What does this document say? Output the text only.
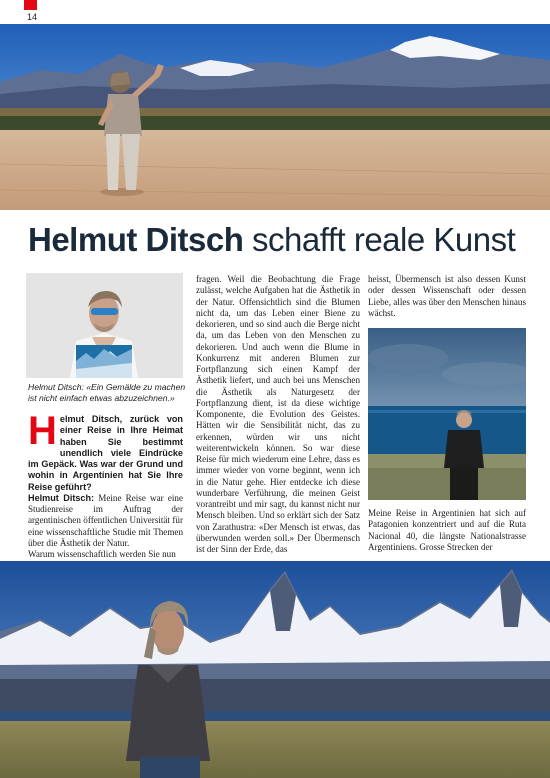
14
Helmut Ditsch schafft reale Kunst
Helmut Ditsch: «Ein Gemälde zu machen ist nicht einfach etwas abzuzeichnen.»
Helmut Ditsch, zurück von einer Reise in Ihre Heimat haben Sie bestimmt unendlich viele Eindrücke im Gepäck. Was war der Grund und wohin in Argentinien hat Sie Ihre Reise geführt?

Helmut Ditsch: Meine Reise war eine Studienreise im Auftrag der argentinischen öffentlichen Universität für eine wissenschaftliche Studie mit Themen über die Ästhetik der Natur.

Warum wissenschaftlich werden Sie nun

fragen. Weil die Beobachtung die Frage zulässt, welche Aufgaben hat die Ästhetik in der Natur. Offensichtlich sind die Blumen nicht da, um das Leben einer Biene zu dekorieren, und so sind auch die Berge nicht da, um das Leben von den Menschen zu dekorieren. Und auch wenn die Blume in Konkurrenz mit anderen Blumen zur Fortpflanzung sich einen Kampf der Ästhetik liefert, und auch bei uns Menschen die Ästhetik als Naturgesetz der Fortpflanzung dient, ist da diese wichtige Komponente, die Evolution des Geistes. Hätten wir die Sensibilität nicht, das zu erkennen, würden wir uns nicht weiterentwickeln können. So war diese Reise für mich wiederum eine Lehre, dass es immer wieder von vorne beginnt, wenn ich in die Natur gehe. Hier entdecke ich diese wunderbare Verführung, die meinen Geist vorantreibt und mir sagt, du kannst nicht nur Mensch bleiben. Und so erklärt sich der Satz von Zarathustra: «Der Mensch ist etwas, das überwunden werden soll.» Der Übermensch ist der Sinn der Erde, das

heisst, Übermensch ist also dessen Kunst oder dessen Wissenschaft oder dessen Liebe, alles was über den Menschen hinaus wächst.

Meine Reise in Argentinien hat sich auf Patagonien konzentriert und auf die Ruta Nacional 40, die längste Nationalstrasse Argentiniens. Grosse Strecken der
